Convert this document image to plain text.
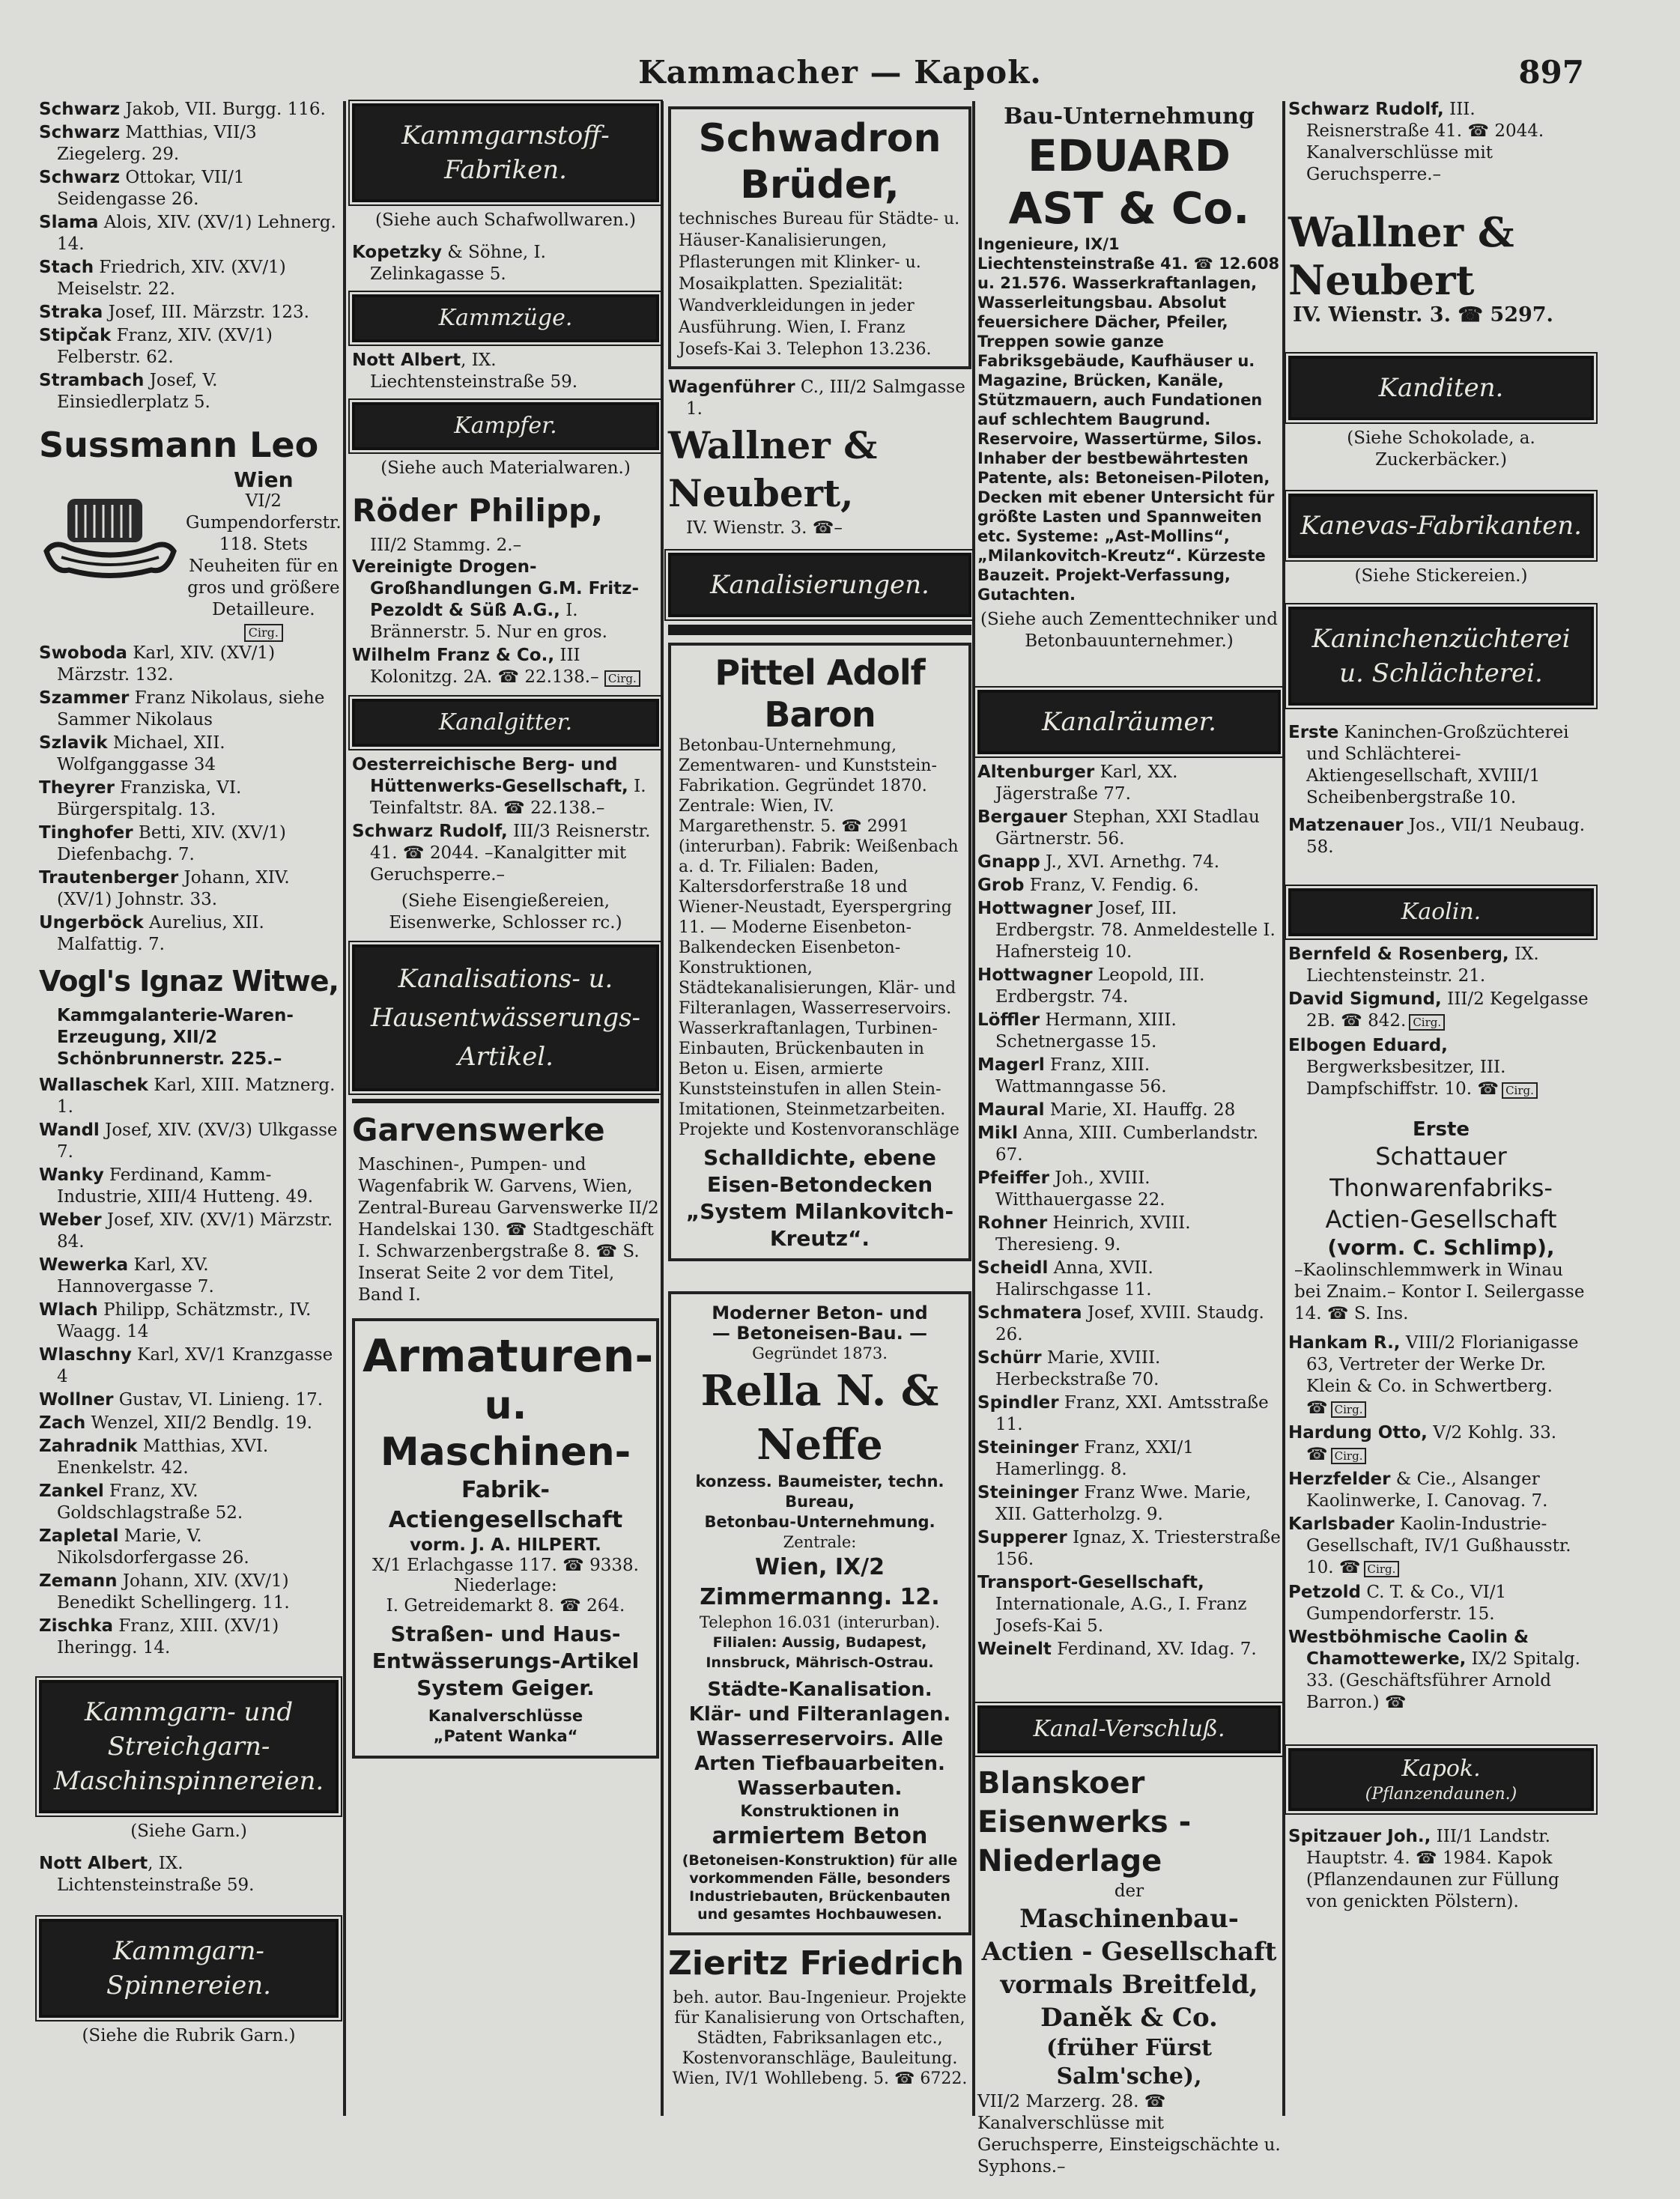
Kammacher — Kapok.	897
Schwarz Jakob, VII. Burgg. 116.
Schwarz Matthias, VII/3 Ziegelerg. 29.
Schwarz Ottokar, VII/1 Seidengasse 26.
Slama Alois, XIV. (XV/1) Lehnerg. 14.
Stach Friedrich, XIV. (XV/1) Meiselstr. 22.
Straka Josef, III. Märzstr. 123.
Stipčak Franz, XIV. (XV/1) Felberstr. 62.
Strambach Josef, V. Einsiedlerplatz 5.
Sussmann Leo
Wien
VI/2 Gumpendorferstr. 118. Stets Neuheiten für en gros und größere Detailleure.
Cirg.
Swoboda Karl, XIV. (XV/1) Märzstr. 132.
Szammer Franz Nikolaus, siehe Sammer Nikolaus
Szlavik Michael, XII. Wolfganggasse 34
Theyrer Franziska, VI. Bürgerspitalg. 13.
Tinghofer Betti, XIV. (XV/1) Diefenbachg. 7.
Trautenberger Johann, XIV. (XV/1) Johnstr. 33.
Ungerböck Aurelius, XII. Malfattig. 7.
Vogl's Ignaz Witwe,
Kammgalanterie-Waren-Erzeugung, XII/2 Schönbrunnerstr. 225.–
Wallaschek Karl, XIII. Matznerg. 1.
Wandl Josef, XIV. (XV/3) Ulkgasse 7.
Wanky Ferdinand, Kamm-Industrie, XIII/4 Hutteng. 49.
Weber Josef, XIV. (XV/1) Märzstr. 84.
Wewerka Karl, XV. Hannovergasse 7.
Wlach Philipp, Schätzmstr., IV. Waagg. 14
Wlaschny Karl, XV/1 Kranzgasse 4
Wollner Gustav, VI. Linieng. 17.
Zach Wenzel, XII/2 Bendlg. 19.
Zahradnik Matthias, XVI. Enenkelstr. 42.
Zankel Franz, XV. Goldschlagstraße 52.
Zapletal Marie, V. Nikolsdorfergasse 26.
Zemann Johann, XIV. (XV/1) Benedikt Schellingerg. 11.
Zischka Franz, XIII. (XV/1) Iheringg. 14.
Kammgarn- und Streichgarn-Maschinspinnereien.
(Siehe Garn.)
Nott Albert, IX. Lichtensteinstraße 59.
Kammgarn-Spinnereien.
(Siehe die Rubrik Garn.)
Kammgarnstoff-Fabriken.
(Siehe auch Schafwollwaren.)
Kopetzky & Söhne, I. Zelinkagasse 5.
Kammzüge.
Nott Albert, IX. Liechtensteinstraße 59.
Kampfer.
(Siehe auch Materialwaren.)
Röder Philipp,
III/2 Stammg. 2.–
Vereinigte Drogen-Großhandlungen G.M. Fritz-Pezoldt & Süß A.G., I. Brännerstr. 5. Nur en gros.
Wilhelm Franz & Co., III Kolonitzg. 2A. ☎ 22.138.– Cirg.
Kanalgitter.
Oesterreichische Berg- und Hüttenwerks-Gesellschaft, I. Teinfaltstr. 8A. ☎ 22.138.–
Schwarz Rudolf, III/3 Reisnerstr. 41. ☎ 2044. –Kanalgitter mit Geruchsperre.–
(Siehe Eisengießereien, Eisenwerke, Schlosser rc.)
Kanalisations- u. Hausentwässerungs-Artikel.
Garvenswerke
Maschinen-, Pumpen- und Wagenfabrik W. Garvens, Wien, Zentral-Bureau Garvenswerke II/2 Handelskai 130. ☎ Stadtgeschäft I. Schwarzenbergstraße 8. ☎ S. Inserat Seite 2 vor dem Titel, Band I.
Armaturen-
u. Maschinen-
Fabrik-Actiengesellschaft
vorm. J. A. HILPERT.
X/1 Erlachgasse 117. ☎ 9338.
Niederlage:
I. Getreidemarkt 8. ☎ 264.
Straßen- und Haus-Entwässerungs-Artikel System Geiger.
Kanalverschlüsse
„Patent Wanka“
Schwadron Brüder,
technisches Bureau für Städte- u. Häuser-Kanalisierungen, Pflasterungen mit Klinker- u. Mosaikplatten. Spezialität: Wandverkleidungen in jeder Ausführung. Wien, I. Franz Josefs-Kai 3. Telephon 13.236.
Wagenführer C., III/2 Salmgasse 1.
Wallner & Neubert,
IV. Wienstr. 3. ☎–
Kanalisierungen.
Pittel Adolf Baron
Betonbau-Unternehmung, Zementwaren- und Kunststein-Fabrikation. Gegründet 1870. Zentrale: Wien, IV. Margarethenstr. 5. ☎ 2991 (interurban). Fabrik: Weißenbach a. d. Tr. Filialen: Baden, Kaltersdorferstraße 18 und Wiener-Neustadt, Eyerspergring 11. — Moderne Eisenbeton-Balkendecken Eisenbeton-Konstruktionen, Städtekanalisierungen, Klär- und Filteranlagen, Wasserreservoirs. Wasserkraftanlagen, Turbinen-Einbauten, Brückenbauten in Beton u. Eisen, armierte Kunststeinstufen in allen Stein-Imitationen, Steinmetzarbeiten. Projekte und Kostenvoranschläge
Schalldichte, ebene Eisen-Betondecken „System Milankovitch-Kreutz“.
Moderner Beton- und
— Betoneisen-Bau. —
Gegründet 1873.
Rella N. & Neffe
konzess. Baumeister, techn. Bureau,
Betonbau-Unternehmung.
Zentrale:
Wien, IX/2 Zimmermanng. 12.
Telephon 16.031 (interurban).
Filialen: Aussig, Budapest, Innsbruck, Mährisch-Ostrau.
Städte-Kanalisation. Klär- und Filteranlagen. Wasserreservoirs. Alle Arten Tiefbauarbeiten. Wasserbauten.
Konstruktionen in
armiertem Beton
(Betoneisen-Konstruktion) für alle vorkommenden Fälle, besonders Industriebauten, Brückenbauten und gesamtes Hochbauwesen.
Zieritz Friedrich
beh. autor. Bau-Ingenieur. Projekte für Kanalisierung von Ortschaften, Städten, Fabriksanlagen etc., Kostenvoranschläge, Bauleitung. Wien, IV/1 Wohllebeng. 5. ☎ 6722.
Bau-Unternehmung
EDUARD AST & Co.
Ingenieure, IX/1 Liechtensteinstraße 41. ☎ 12.608 u. 21.576. Wasserkraftanlagen, Wasserleitungsbau. Absolut feuersichere Dächer, Pfeiler, Treppen sowie ganze Fabriksgebäude, Kaufhäuser u. Magazine, Brücken, Kanäle, Stützmauern, auch Fundationen auf schlechtem Baugrund. Reservoire, Wassertürme, Silos. Inhaber der bestbewährtesten Patente, als: Betoneisen-Piloten, Decken mit ebener Untersicht für größte Lasten und Spannweiten etc. Systeme: „Ast-Mollins“, „Milankovitch-Kreutz“. Kürzeste Bauzeit. Projekt-Verfassung, Gutachten.
(Siehe auch Zementtechniker und Betonbauunternehmer.)
Kanalräumer.
Altenburger Karl, XX. Jägerstraße 77.
Bergauer Stephan, XXI Stadlau Gärtnerstr. 56.
Gnapp J., XVI. Arnethg. 74.
Grob Franz, V. Fendig. 6.
Hottwagner Josef, III. Erdbergstr. 78. Anmeldestelle I. Hafnersteig 10.
Hottwagner Leopold, III. Erdbergstr. 74.
Löffler Hermann, XIII. Schetnergasse 15.
Magerl Franz, XIII. Wattmanngasse 56.
Maural Marie, XI. Hauffg. 28
Mikl Anna, XIII. Cumberlandstr. 67.
Pfeiffer Joh., XVIII. Witthauergasse 22.
Rohner Heinrich, XVIII. Theresieng. 9.
Scheidl Anna, XVII. Halirschgasse 11.
Schmatera Josef, XVIII. Staudg. 26.
Schürr Marie, XVIII. Herbeckstraße 70.
Spindler Franz, XXI. Amtsstraße 11.
Steininger Franz, XXI/1 Hamerlingg. 8.
Steininger Franz Wwe. Marie, XII. Gatterholzg. 9.
Supperer Ignaz, X. Triesterstraße 156.
Transport-Gesellschaft, Internationale, A.G., I. Franz Josefs-Kai 5.
Weinelt Ferdinand, XV. Idag. 7.
Kanal-Verschluß.
Blanskoer Eisenwerks - Niederlage
der
Maschinenbau-Actien - Gesellschaft vormals Breitfeld, Daněk & Co.
(früher Fürst Salm'sche),
VII/2 Marzerg. 28. ☎ Kanalverschlüsse mit Geruchsperre, Einsteigschächte u. Syphons.–
Schwarz Rudolf, III. Reisnerstraße 41. ☎ 2044. Kanalverschlüsse mit Geruchsperre.–
Wallner & Neubert
IV. Wienstr. 3. ☎ 5297.
Kanditen.
(Siehe Schokolade, a. Zuckerbäcker.)
Kanevas-Fabrikanten.
(Siehe Stickereien.)
Kaninchenzüchterei u. Schlächterei.
Erste Kaninchen-Großzüchterei und Schlächterei-Aktiengesellschaft, XVIII/1 Scheibenbergstraße 10.
Matzenauer Jos., VII/1 Neubaug. 58.
Kaolin.
Bernfeld & Rosenberg, IX. Liechtensteinstr. 21.
David Sigmund, III/2 Kegelgasse 2B. ☎ 842. Cirg.
Elbogen Eduard, Bergwerksbesitzer, III. Dampfschiffstr. 10. ☎ Cirg.
Erste
Schattauer Thonwarenfabriks-Actien-Gesellschaft
(vorm. C. Schlimp),
–Kaolinschlemmwerk in Winau bei Znaim.– Kontor I. Seilergasse 14. ☎ S. Ins.
Hankam R., VIII/2 Florianigasse 63, Vertreter der Werke Dr. Klein & Co. in Schwertberg. ☎ Cirg.
Hardung Otto, V/2 Kohlg. 33. ☎ Cirg.
Herzfelder & Cie., Alsanger Kaolinwerke, I. Canovag. 7.
Karlsbader Kaolin-Industrie-Gesellschaft, IV/1 Gußhausstr. 10. ☎ Cirg.
Petzold C. T. & Co., VI/1 Gumpendorferstr. 15.
Westböhmische Caolin & Chamottewerke, IX/2 Spitalg. 33. (Geschäftsführer Arnold Barron.) ☎
Kapok.
(Pflanzendaunen.)
Spitzauer Joh., III/1 Landstr. Hauptstr. 4. ☎ 1984. Kapok (Pflanzendaunen zur Füllung von genickten Pölstern).
